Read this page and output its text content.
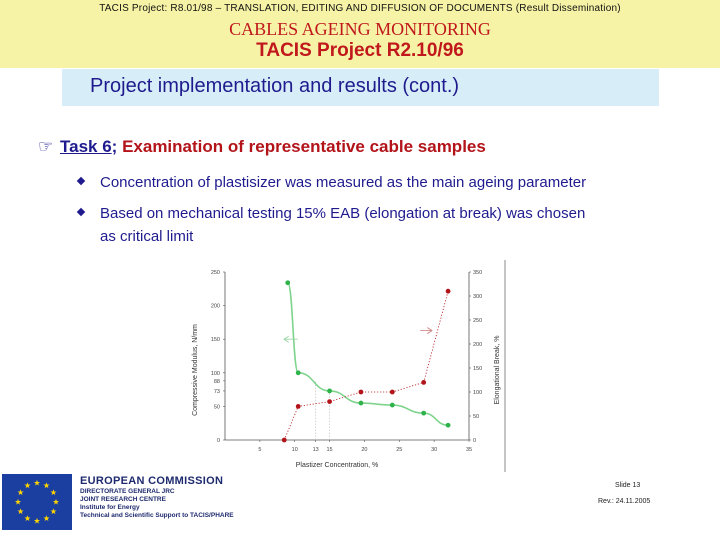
TACIS Project: R8.01/98 – TRANSLATION, EDITING AND DIFFUSION OF DOCUMENTS (Result Dissemination)
CABLES AGEING MONITORING
TACIS Project R2.10/96
Project implementation and results (cont.)
☞ Task 6; Examination of representative cable samples
Concentration of plastisizer was measured as the main ageing parameter
Based on mechanical testing 15% EAB (elongation at break) was chosen
as critical limit
5	10	13 15	20	25	30	35
0
50
73
88
100
150
200
250
0
50
100
150
200
250
300
350
Plastizer Concentration, %
Compressive Modulus, N/mm	Elongational Break, %
EUROPEAN COMMISSION
DIRECTORATE GENERAL JRC
JOINT RESEARCH CENTRE
Institute for Energy
Technical and Scientific Support to TACIS/PHARE
Slide 13
Rev.: 24.11.2005
